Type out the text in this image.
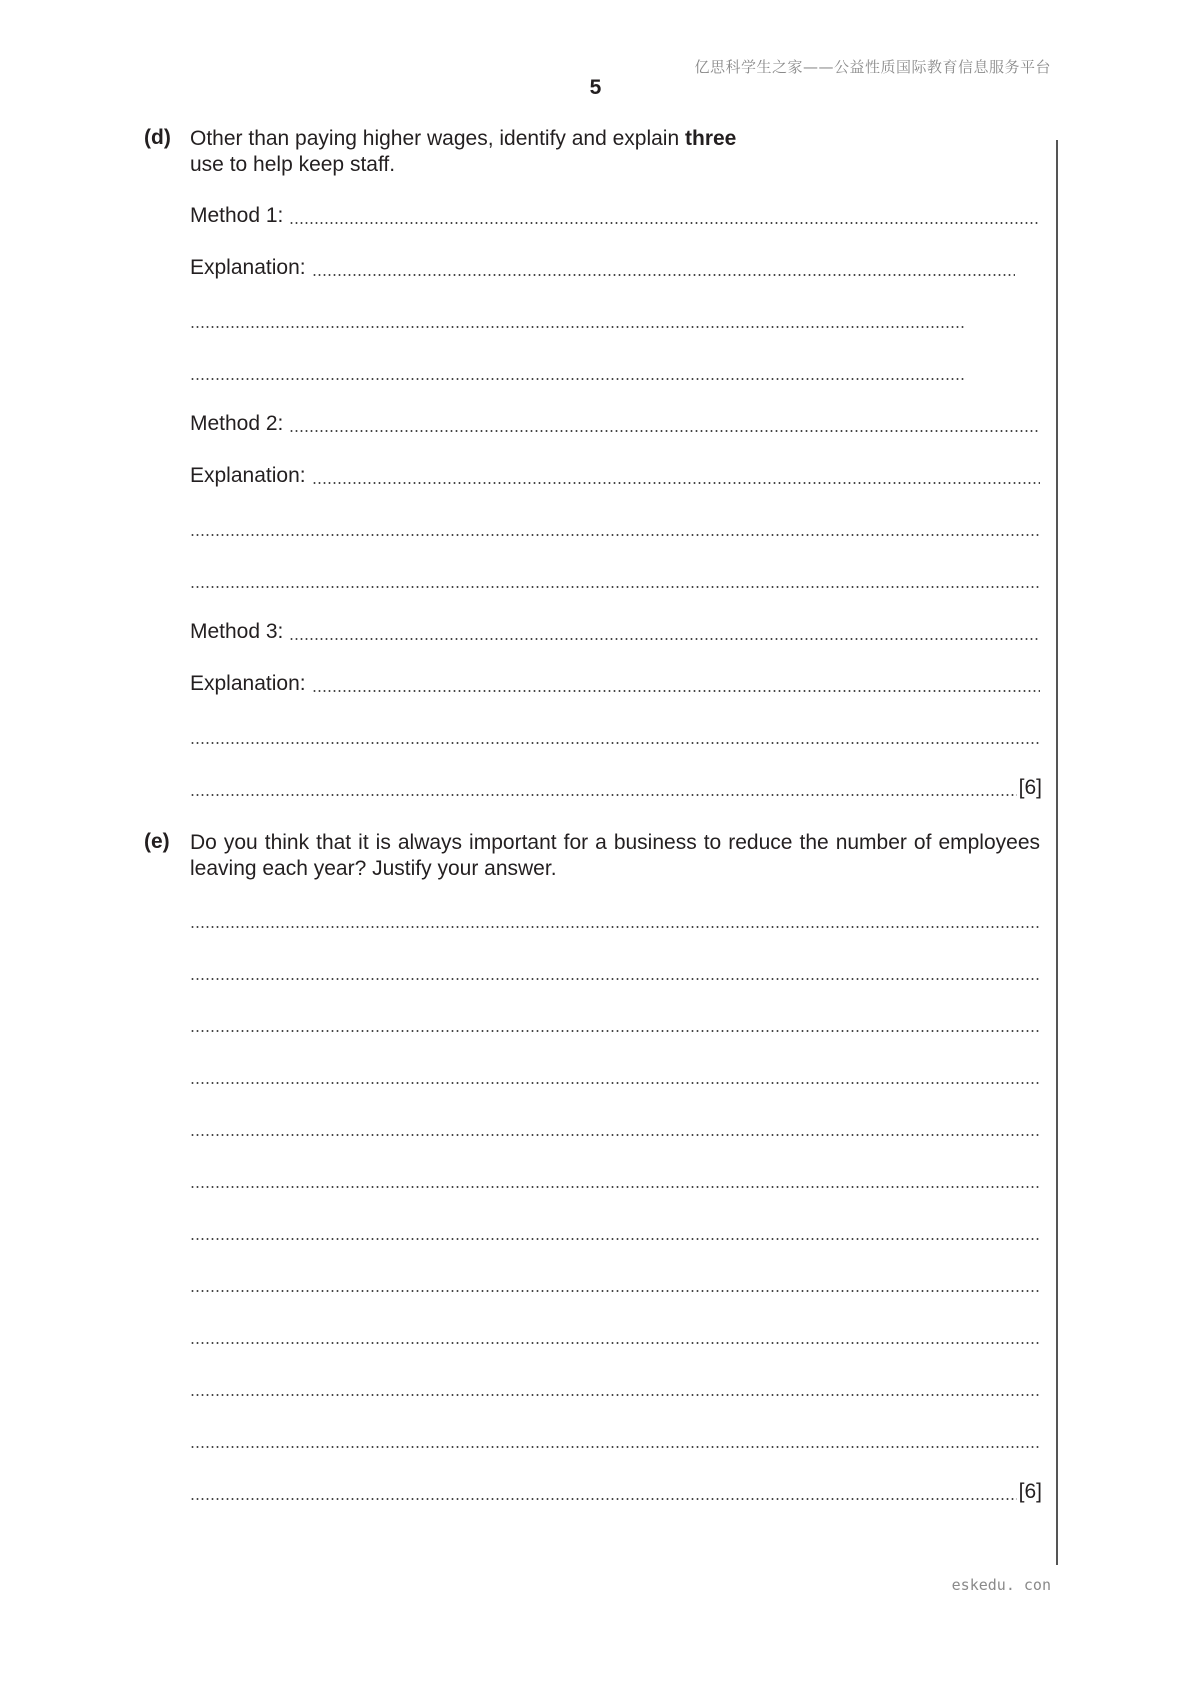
亿思科学生之家——公益性质国际教育信息服务平台
5
(d) Other than paying higher wages, identify and explain three
use to help keep staff.
Method 1:
Explanation:
Method 2:
Explanation:
Method 3:
Explanation:
[6]
(e) Do you think that it is always important for a business to reduce the number of employees leaving each year? Justify your answer.
[6]
eskedu. con
